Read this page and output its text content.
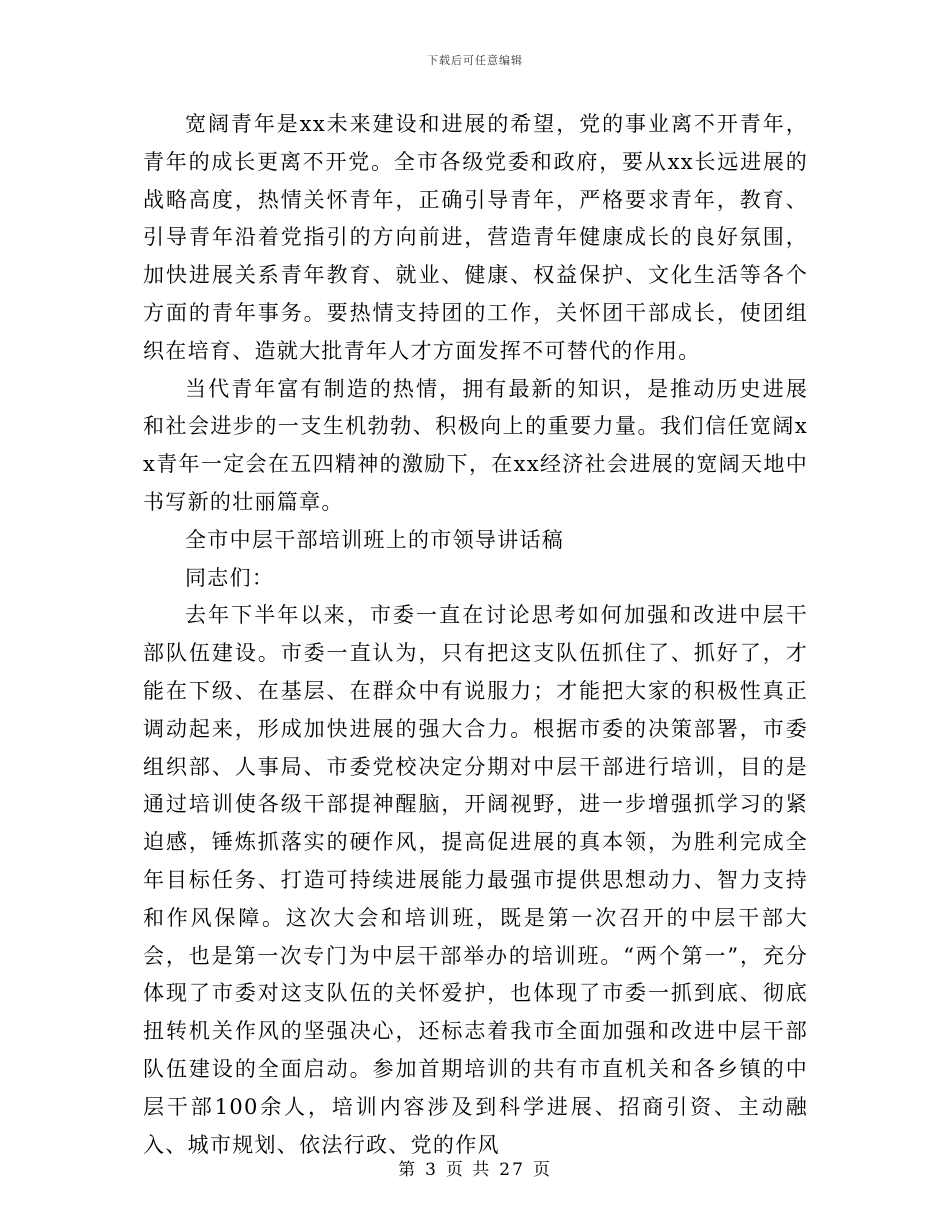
下载后可任意编辑

宽阔青年是xx未来建设和进展的希望，党的事业离不开青年，青年的成长更离不开党。全市各级党委和政府，要从xx长远进展的战略高度，热情关怀青年，正确引导青年，严格要求青年，教育、引导青年沿着党指引的方向前进，营造青年健康成长的良好氛围，加快进展关系青年教育、就业、健康、权益保护、文化生活等各个方面的青年事务。要热情支持团的工作，关怀团干部成长，使团组织在培育、造就大批青年人才方面发挥不可替代的作用。

当代青年富有制造的热情，拥有最新的知识，是推动历史进展和社会进步的一支生机勃勃、积极向上的重要力量。我们信任宽阔xx青年一定会在五四精神的激励下，在xx经济社会进展的宽阔天地中书写新的壮丽篇章。

全市中层干部培训班上的市领导讲话稿

同志们：

去年下半年以来，市委一直在讨论思考如何加强和改进中层干部队伍建设。市委一直认为，只有把这支队伍抓住了、抓好了，才能在下级、在基层、在群众中有说服力；才能把大家的积极性真正调动起来，形成加快进展的强大合力。根据市委的决策部署，市委组织部、人事局、市委党校决定分期对中层干部进行培训，目的是通过培训使各级干部提神醒脑，开阔视野，进一步增强抓学习的紧迫感，锤炼抓落实的硬作风，提高促进展的真本领，为胜利完成全年目标任务、打造可持续进展能力最强市提供思想动力、智力支持和作风保障。这次大会和培训班，既是第一次召开的中层干部大会，也是第一次专门为中层干部举办的培训班。“两个第一”，充分体现了市委对这支队伍的关怀爱护，也体现了市委一抓到底、彻底扭转机关作风的坚强决心，还标志着我市全面加强和改进中层干部队伍建设的全面启动。参加首期培训的共有市直机关和各乡镇的中层干部100余人，培训内容涉及到科学进展、招商引资、主动融入、城市规划、依法行政、党的作风

第 3 页 共 27 页
